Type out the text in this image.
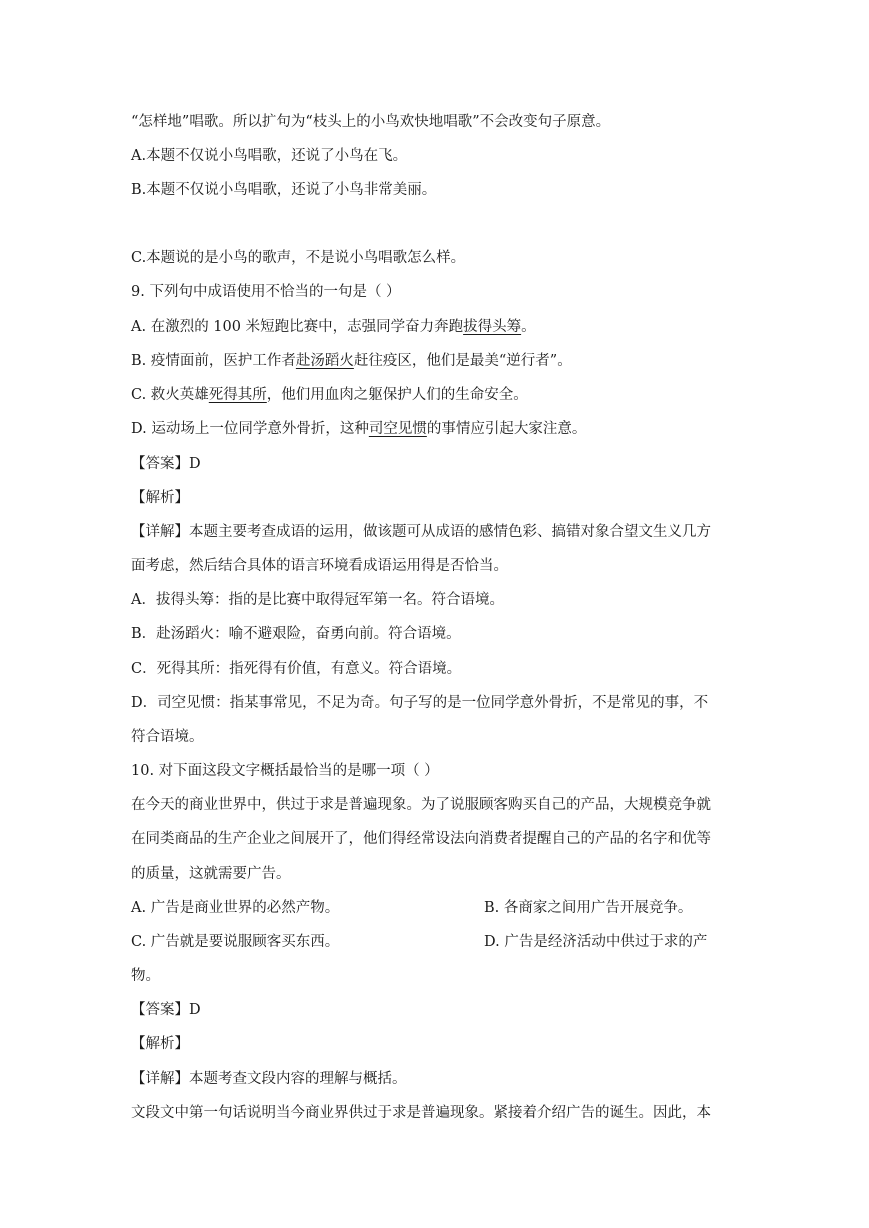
“怎样地”唱歌。所以扩句为“枝头上的小鸟欢快地唱歌”不会改变句子原意。
A.本题不仅说小鸟唱歌，还说了小鸟在飞。
B.本题不仅说小鸟唱歌，还说了小鸟非常美丽。
C.本题说的是小鸟的歌声，不是说小鸟唱歌怎么样。
9. 下列句中成语使用不恰当的一句是（ ）
A. 在激烈的 100 米短跑比赛中，志强同学奋力奔跑拔得头筹。
B. 疫情面前，医护工作者赴汤蹈火赶往疫区，他们是最美“逆行者”。
C. 救火英雄死得其所，他们用血肉之躯保护人们的生命安全。
D. 运动场上一位同学意外骨折，这种司空见惯的事情应引起大家注意。
【答案】D
【解析】
【详解】本题主要考查成语的运用，做该题可从成语的感情色彩、搞错对象合望文生义几方
面考虑，然后结合具体的语言环境看成语运用得是否恰当。
A．拔得头筹：指的是比赛中取得冠军第一名。符合语境。
B．赴汤蹈火：喻不避艰险，奋勇向前。符合语境。
C．死得其所：指死得有价值，有意义。符合语境。
D．司空见惯：指某事常见，不足为奇。句子写的是一位同学意外骨折，不是常见的事，不
符合语境。
10. 对下面这段文字概括最恰当的是哪一项（ ）
在今天的商业世界中，供过于求是普遍现象。为了说服顾客购买自己的产品，大规模竞争就
在同类商品的生产企业之间展开了，他们得经常设法向消费者提醒自己的产品的名字和优等
的质量，这就需要广告。
A. 广告是商业世界的必然产物。	B. 各商家之间用广告开展竞争。
C. 广告就是要说服顾客买东西。	D. 广告是经济活动中供过于求的产
物。
【答案】D
【解析】
【详解】本题考查文段内容的理解与概括。
文段文中第一句话说明当今商业界供过于求是普遍现象。紧接着介绍广告的诞生。因此，本
